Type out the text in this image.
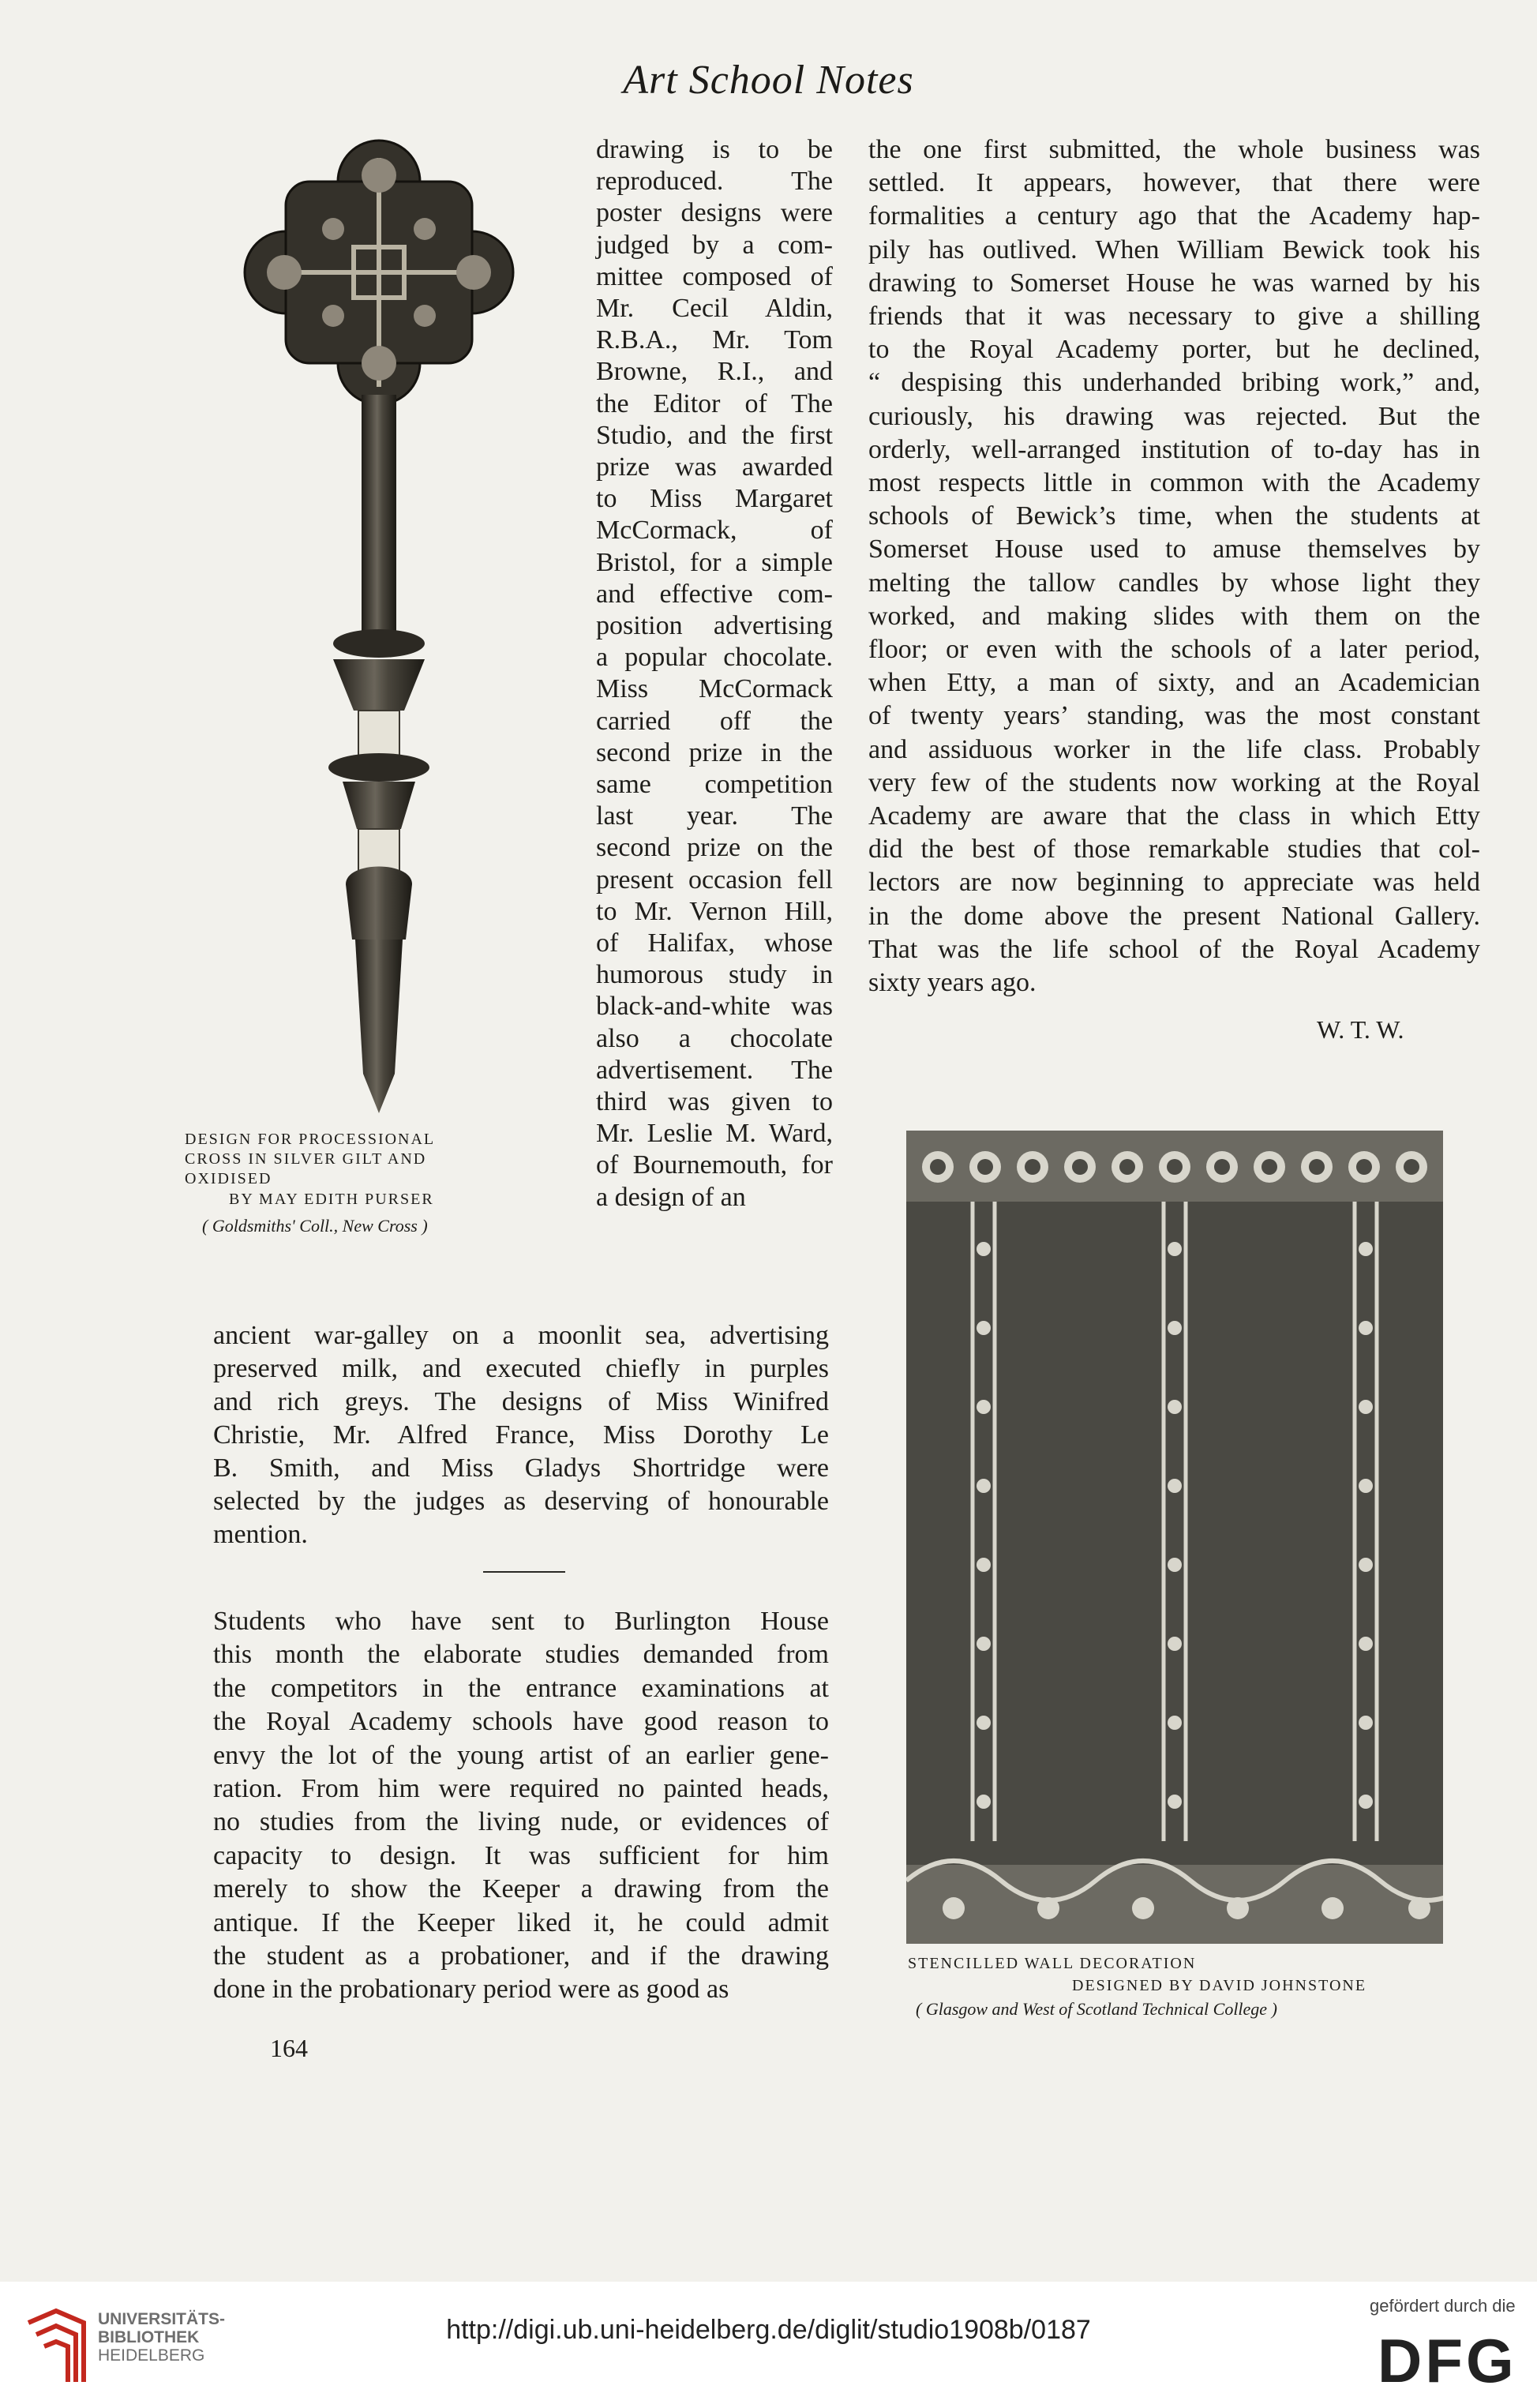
Art School Notes
DESIGN FOR PROCESSIONAL
CROSS IN SILVER GILT AND
OXIDISED
BY MAY EDITH PURSER
( Goldsmiths' Coll., New Cross )
drawing is to be
reproduced. The
poster designs were
judged by a com-
mittee composed of
Mr. Cecil Aldin,
R.B.A., Mr. Tom
Browne, R.I., and
the Editor of The
Studio, and the first
prize was awarded
to Miss Margaret
McCormack, of
Bristol, for a simple
and effective com-
position advertising
a popular chocolate.
Miss McCormack
carried off the
second prize in the
same competition
last year. The
second prize on the
present occasion fell
to Mr. Vernon Hill,
of Halifax, whose
humorous study in
black-and-white was
also a chocolate
advertisement. The
third was given to
Mr. Leslie M. Ward,
of Bournemouth, for
a design of an
ancient war-galley on a moonlit sea, advertising
preserved milk, and executed chiefly in purples
and rich greys. The designs of Miss Winifred
Christie, Mr. Alfred France, Miss Dorothy Le
B. Smith, and Miss Gladys Shortridge were
selected by the judges as deserving of honourable
mention.
Students who have sent to Burlington House
this month the elaborate studies demanded from
the competitors in the entrance examinations at
the Royal Academy schools have good reason to
envy the lot of the young artist of an earlier gene-
ration. From him were required no painted heads,
no studies from the living nude, or evidences of
capacity to design. It was sufficient for him
merely to show the Keeper a drawing from the
antique. If the Keeper liked it, he could admit
the student as a probationer, and if the drawing
done in the probationary period were as good as
164
the one first submitted, the whole business was
settled. It appears, however, that there were
formalities a century ago that the Academy hap-
pily has outlived. When William Bewick took his
drawing to Somerset House he was warned by his
friends that it was necessary to give a shilling
to the Royal Academy porter, but he declined,
“ despising this underhanded bribing work,” and,
curiously, his drawing was rejected. But the
orderly, well-arranged institution of to-day has in
most respects little in common with the Academy
schools of Bewick’s time, when the students at
Somerset House used to amuse themselves by
melting the tallow candles by whose light they
worked, and making slides with them on the
floor; or even with the schools of a later period,
when Etty, a man of sixty, and an Academician
of twenty years’ standing, was the most constant
and assiduous worker in the life class. Probably
very few of the students now working at the Royal
Academy are aware that the class in which Etty
did the best of those remarkable studies that col-
lectors are now beginning to appreciate was held
in the dome above the present National Gallery.
That was the life school of the Royal Academy
sixty years ago.
W. T. W.
STENCILLED WALL DECORATION
DESIGNED BY DAVID JOHNSTONE
( Glasgow and West of Scotland Technical College )
UNIVERSITÄTS-
BIBLIOTHEK
HEIDELBERG
http://digi.ub.uni-heidelberg.de/diglit/studio1908b/0187
gefördert durch die
DFG
